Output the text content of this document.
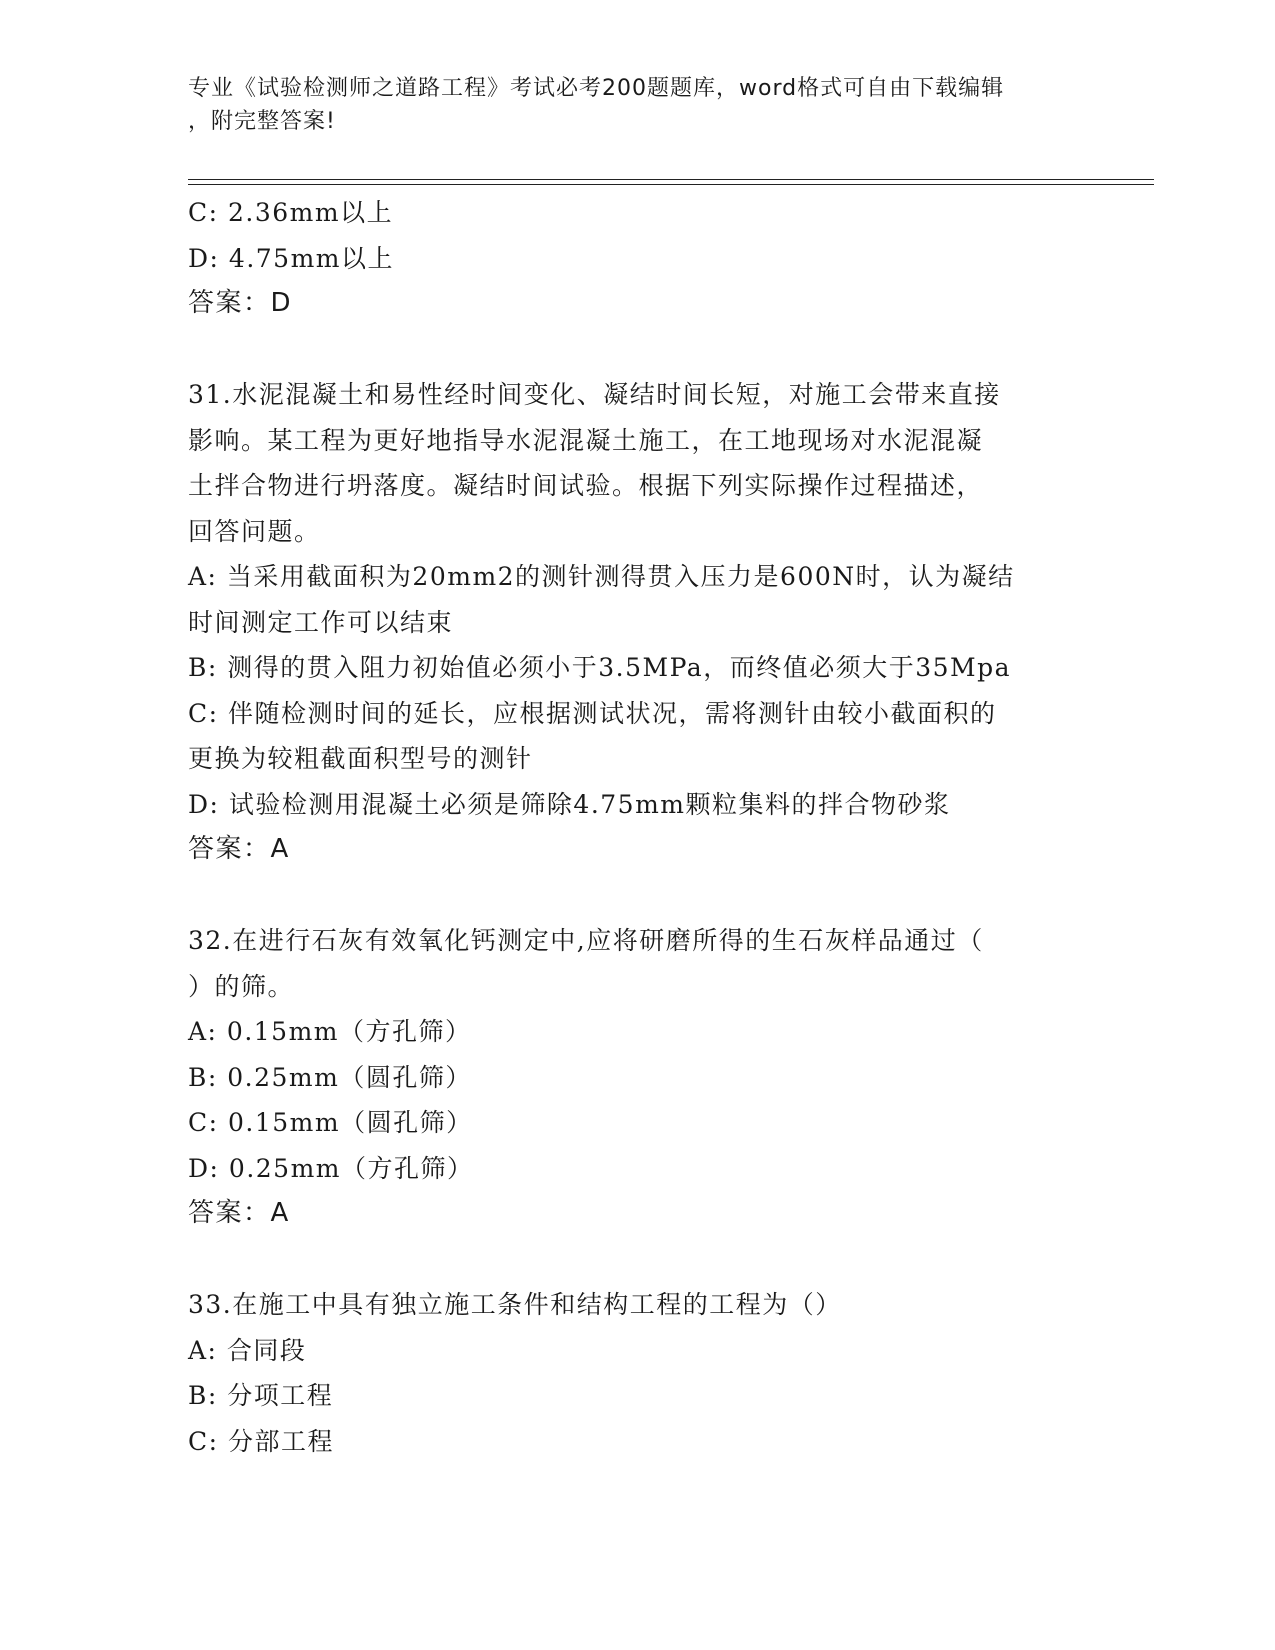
专业《试验检测师之道路工程》考试必考200题题库，word格式可自由下载编辑
，附完整答案!
C: 2.36mm以上
D: 4.75mm以上
答案：D
31.水泥混凝土和易性经时间变化、凝结时间长短，对施工会带来直接
影响。某工程为更好地指导水泥混凝土施工，在工地现场对水泥混凝
土拌合物进行坍落度。凝结时间试验。根据下列实际操作过程描述，
回答问题。
A: 当采用截面积为20mm2的测针测得贯入压力是600N时，认为凝结
时间测定工作可以结束
B: 测得的贯入阻力初始值必须小于3.5MPa，而终值必须大于35Mpa
C: 伴随检测时间的延长，应根据测试状况，需将测针由较小截面积的
更换为较粗截面积型号的测针
D: 试验检测用混凝土必须是筛除4.75mm颗粒集料的拌合物砂浆
答案：A
32.在进行石灰有效氧化钙测定中,应将研磨所得的生石灰样品通过（
）的筛。
A: 0.15mm（方孔筛）
B: 0.25mm（圆孔筛）
C: 0.15mm（圆孔筛）
D: 0.25mm（方孔筛）
答案：A
33.在施工中具有独立施工条件和结构工程的工程为（）
A: 合同段
B: 分项工程
C: 分部工程
